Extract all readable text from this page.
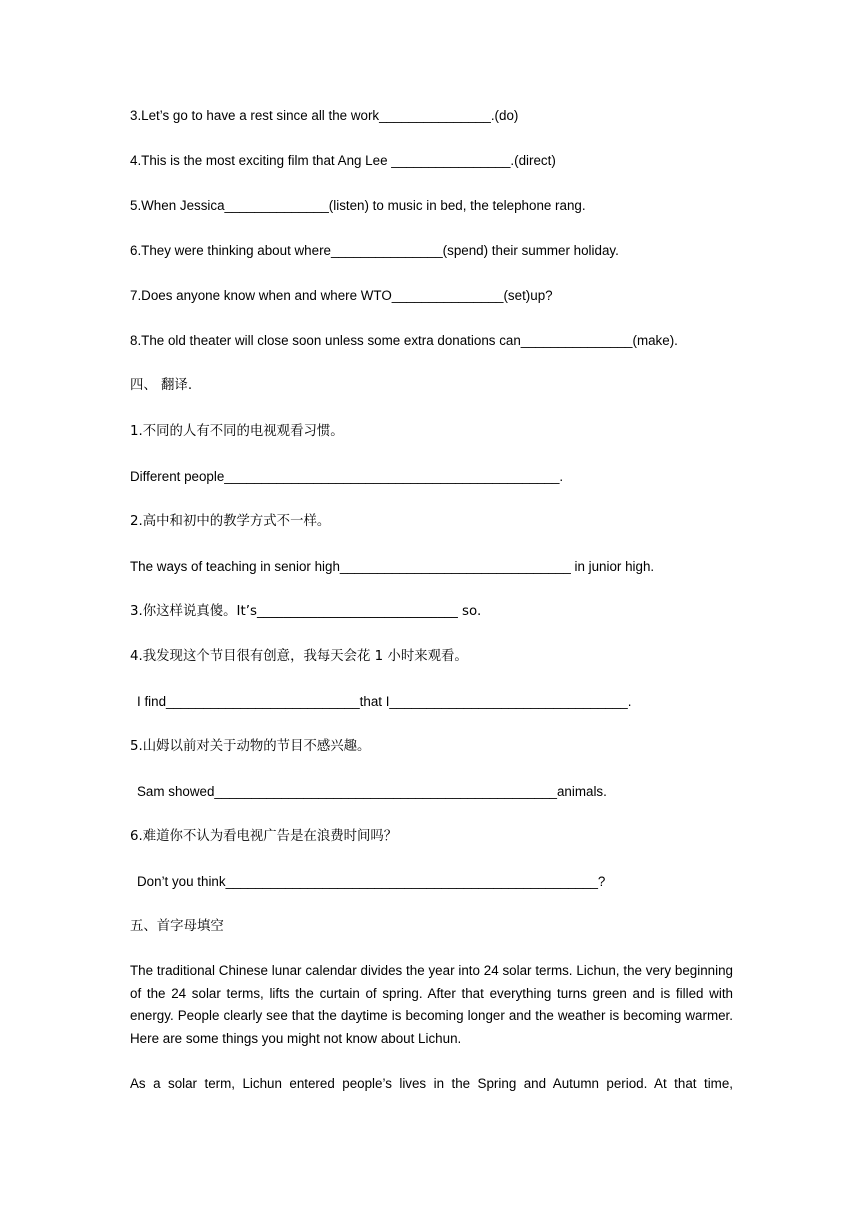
3.Let’s go to have a rest since all the work_______________.(do)
4.This is the most exciting film that Ang Lee ________________.(direct)
5.When Jessica______________(listen) to music in bed, the telephone rang.
6.They were thinking about where_______________(spend) their summer holiday.
7.Does anyone know when and where WTO_______________(set)up?
8.The old theater will close soon unless some extra donations can_______________(make).
四、 翻译.
1.不同的人有不同的电视观看习惯。
Different people_____________________________________________.
2.高中和初中的教学方式不一样。
The ways of teaching in senior high_______________________________ in junior high.
3.你这样说真傻。It’s______________________________ so.
4.我发现这个节目很有创意，我每天会花 1 小时来观看。
I find__________________________that I________________________________.
5.山姆以前对关于动物的节目不感兴趣。
Sam showed______________________________________________animals.
6.难道你不认为看电视广告是在浪费时间吗？
Don’t you think__________________________________________________?
五、首字母填空
The traditional Chinese lunar calendar divides the year into 24 solar terms. Lichun, the very beginning of the 24 solar terms, lifts the curtain of spring. After that everything turns green and is filled with energy. People clearly see that the daytime is becoming longer and the weather is becoming warmer. Here are some things you might not know about Lichun.
As a solar term, Lichun entered people’s lives in the Spring and Autumn period. At that time,
